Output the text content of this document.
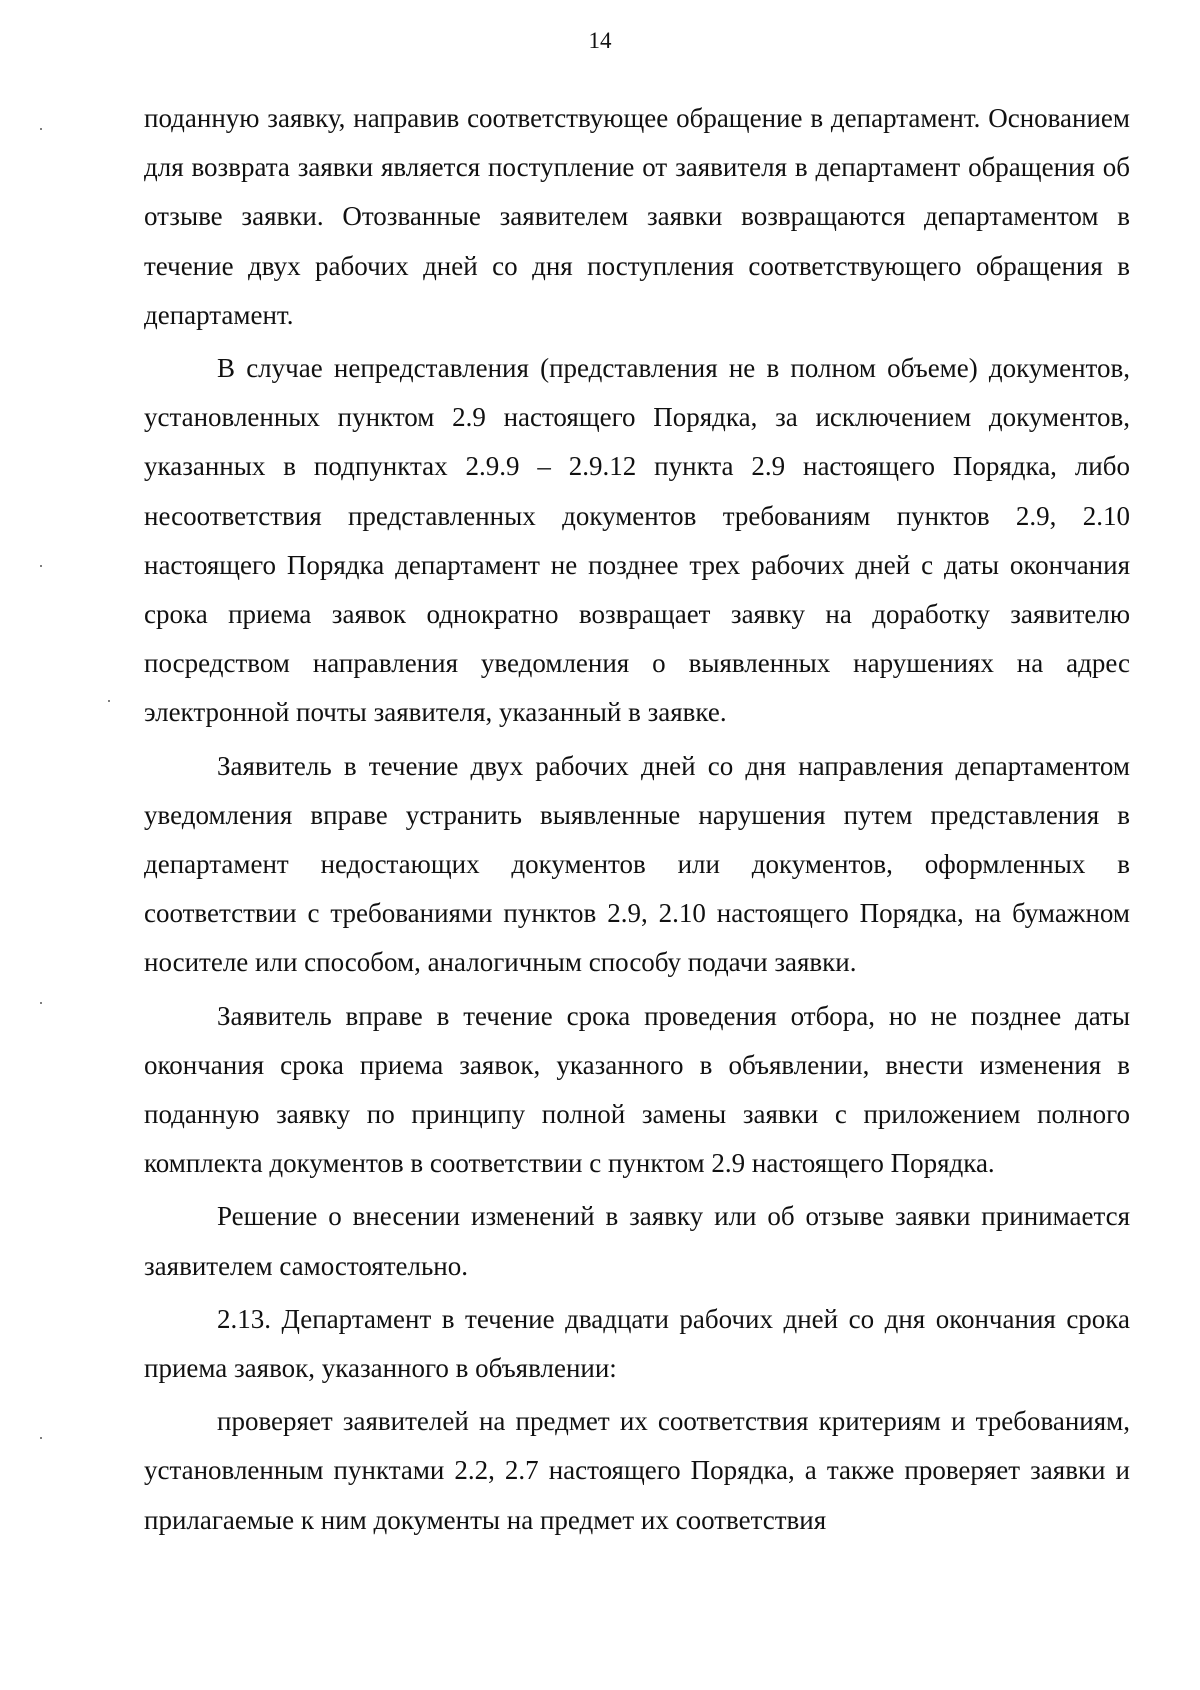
14

поданную заявку, направив соответствующее обращение в департамент. Основанием для возврата заявки является поступление от заявителя в департамент обращения об отзыве заявки. Отозванные заявителем заявки возвращаются департаментом в течение двух рабочих дней со дня поступления соответствующего обращения в департамент.

В случае непредставления (представления не в полном объеме) документов, установленных пунктом 2.9 настоящего Порядка, за исключением документов, указанных в подпунктах 2.9.9 – 2.9.12 пункта 2.9 настоящего Порядка, либо несоответствия представленных документов требованиям пунктов 2.9, 2.10 настоящего Порядка департамент не позднее трех рабочих дней с даты окончания срока приема заявок однократно возвращает заявку на доработку заявителю посредством направления уведомления о выявленных нарушениях на адрес электронной почты заявителя, указанный в заявке.

Заявитель в течение двух рабочих дней со дня направления департаментом уведомления вправе устранить выявленные нарушения путем представления в департамент недостающих документов или документов, оформленных в соответствии с требованиями пунктов 2.9, 2.10 настоящего Порядка, на бумажном носителе или способом, аналогичным способу подачи заявки.

Заявитель вправе в течение срока проведения отбора, но не позднее даты окончания срока приема заявок, указанного в объявлении, внести изменения в поданную заявку по принципу полной замены заявки с приложением полного комплекта документов в соответствии с пунктом 2.9 настоящего Порядка.

Решение о внесении изменений в заявку или об отзыве заявки принимается заявителем самостоятельно.

2.13. Департамент в течение двадцати рабочих дней со дня окончания срока приема заявок, указанного в объявлении:

проверяет заявителей на предмет их соответствия критериям и требованиям, установленным пунктами 2.2, 2.7 настоящего Порядка, а также проверяет заявки и прилагаемые к ним документы на предмет их соответствия
